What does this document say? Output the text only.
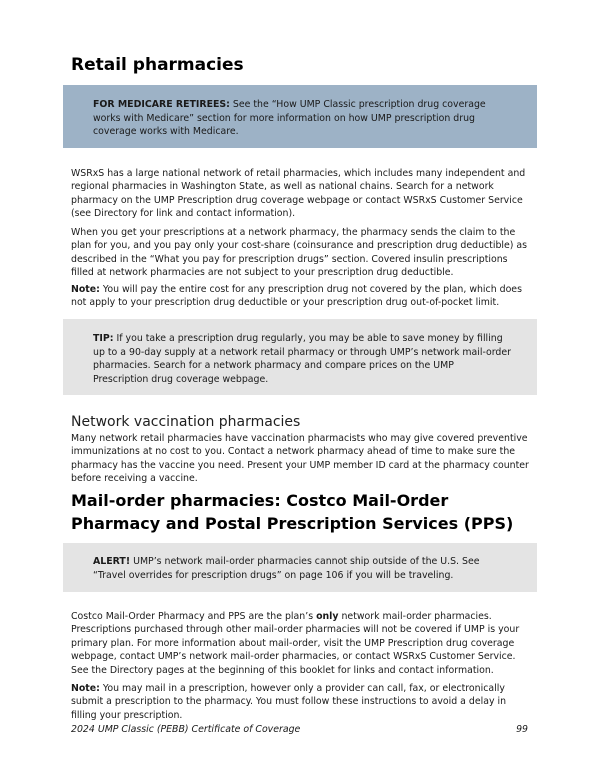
Retail pharmacies
FOR MEDICARE RETIREES: See the “How UMP Classic prescription drug coverage works with Medicare” section for more information on how UMP prescription drug coverage works with Medicare.
WSRxS has a large national network of retail pharmacies, which includes many independent and regional pharmacies in Washington State, as well as national chains. Search for a network pharmacy on the UMP Prescription drug coverage webpage or contact WSRxS Customer Service (see Directory for link and contact information).
When you get your prescriptions at a network pharmacy, the pharmacy sends the claim to the plan for you, and you pay only your cost-share (coinsurance and prescription drug deductible) as described in the “What you pay for prescription drugs” section. Covered insulin prescriptions filled at network pharmacies are not subject to your prescription drug deductible.
Note: You will pay the entire cost for any prescription drug not covered by the plan, which does not apply to your prescription drug deductible or your prescription drug out-of-pocket limit.
TIP: If you take a prescription drug regularly, you may be able to save money by filling up to a 90-day supply at a network retail pharmacy or through UMP’s network mail-order pharmacies. Search for a network pharmacy and compare prices on the UMP Prescription drug coverage webpage.
Network vaccination pharmacies
Many network retail pharmacies have vaccination pharmacists who may give covered preventive immunizations at no cost to you. Contact a network pharmacy ahead of time to make sure the pharmacy has the vaccine you need. Present your UMP member ID card at the pharmacy counter before receiving a vaccine.
Mail-order pharmacies: Costco Mail-Order Pharmacy and Postal Prescription Services (PPS)
ALERT! UMP’s network mail-order pharmacies cannot ship outside of the U.S. See “Travel overrides for prescription drugs” on page 106 if you will be traveling.
Costco Mail-Order Pharmacy and PPS are the plan’s only network mail-order pharmacies. Prescriptions purchased through other mail-order pharmacies will not be covered if UMP is your primary plan. For more information about mail-order, visit the UMP Prescription drug coverage webpage, contact UMP’s network mail-order pharmacies, or contact WSRxS Customer Service. See the Directory pages at the beginning of this booklet for links and contact information.
Note: You may mail in a prescription, however only a provider can call, fax, or electronically submit a prescription to the pharmacy. You must follow these instructions to avoid a delay in filling your prescription.
2024 UMP Classic (PEBB) Certificate of Coverage	99
